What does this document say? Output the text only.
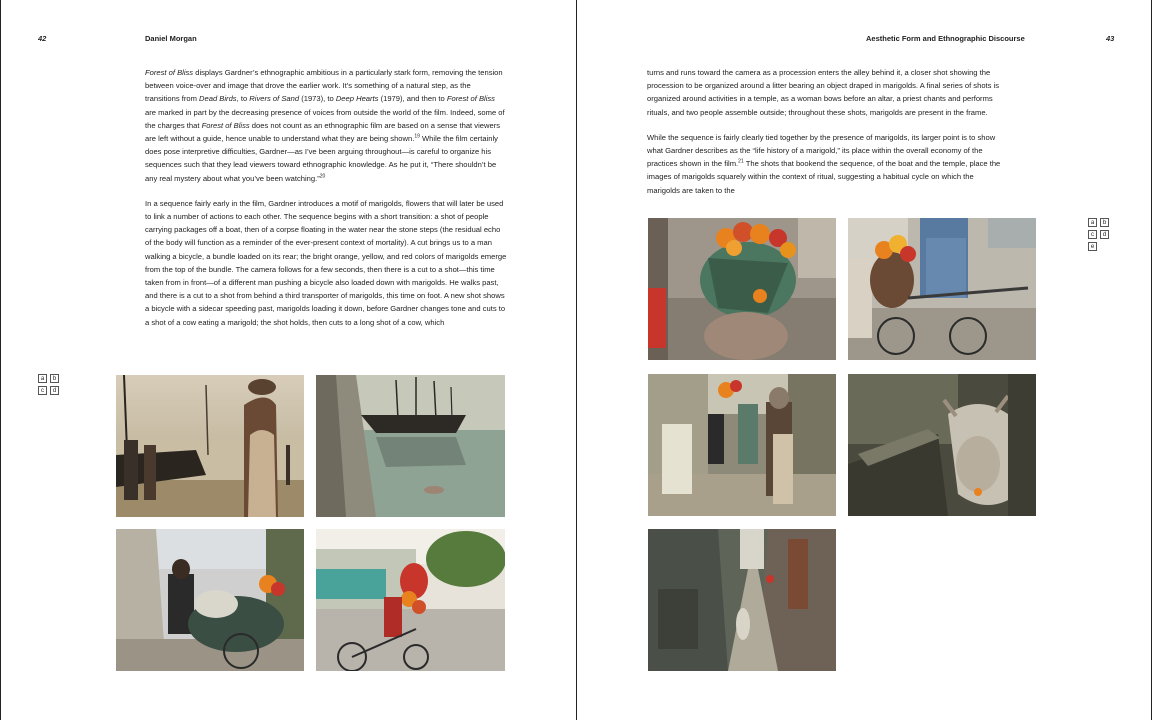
42	Daniel Morgan

Forest of Bliss displays Gardner’s ethnographic ambitious in a particularly stark form, removing the tension between voice-over and image that drove the earlier work. It’s something of a natural step, as the transitions from Dead Birds, to Rivers of Sand (1973), to Deep Hearts (1979), and then to Forest of Bliss are marked in part by the decreasing presence of voices from outside the world of the film. Indeed, some of the charges that Forest of Bliss does not count as an ethnographic film are based on a sense that viewers are left without a guide, hence unable to understand what they are being shown.$^{19}$ While the film certainly does pose interpretive difficulties, Gardner—as I’ve been arguing throughout—is careful to organize his sequences such that they lead viewers toward ethnographic knowledge. As he put it, “There shouldn’t be any real mystery about what you’ve been watching.”$^{20}$

In a sequence fairly early in the film, Gardner introduces a motif of marigolds, flowers that will later be used to link a number of actions to each other. The sequence begins with a short transition: a shot of people carrying packages off a boat, then of a corpse floating in the water near the stone steps (the residual echo of the body will function as a reminder of the ever-present context of mortality). A cut brings us to a man walking a bicycle, a bundle loaded on its rear; the bright orange, yellow, and red colors of marigolds emerge from the top of the bundle. The camera follows for a few seconds, then there is a cut to a shot—this time taken from in front—of a different man pushing a bicycle also loaded down with marigolds. He walks past, and there is a cut to a shot from behind a third transporter of marigolds, this time on foot. A new shot shows a bicycle with a sidecar speeding past, marigolds loading it down, before Gardner changes tone and cuts to a shot of a cow eating a marigold; the shot holds, then cuts to a long shot of a cow, which

a	b
c	d
Aesthetic Form and Ethnographic Discourse	43

turns and runs toward the camera as a procession enters the alley behind it, a closer shot showing the procession to be organized around a litter bearing an object draped in marigolds. A final series of shots is organized around activities in a temple, as a woman bows before an altar, a priest chants and performs rituals, and two people assemble outside; throughout these shots, marigolds are present in the frame.

While the sequence is fairly clearly tied together by the presence of marigolds, its larger point is to show what Gardner describes as the “life history of a marigold,” its place within the overall economy of the practices shown in the film.$^{21}$ The shots that bookend the sequence, of the boat and the temple, place the images of marigolds squarely within the context of ritual, suggesting a habitual cycle on which the marigolds are taken to the

a	b
c	d
e
